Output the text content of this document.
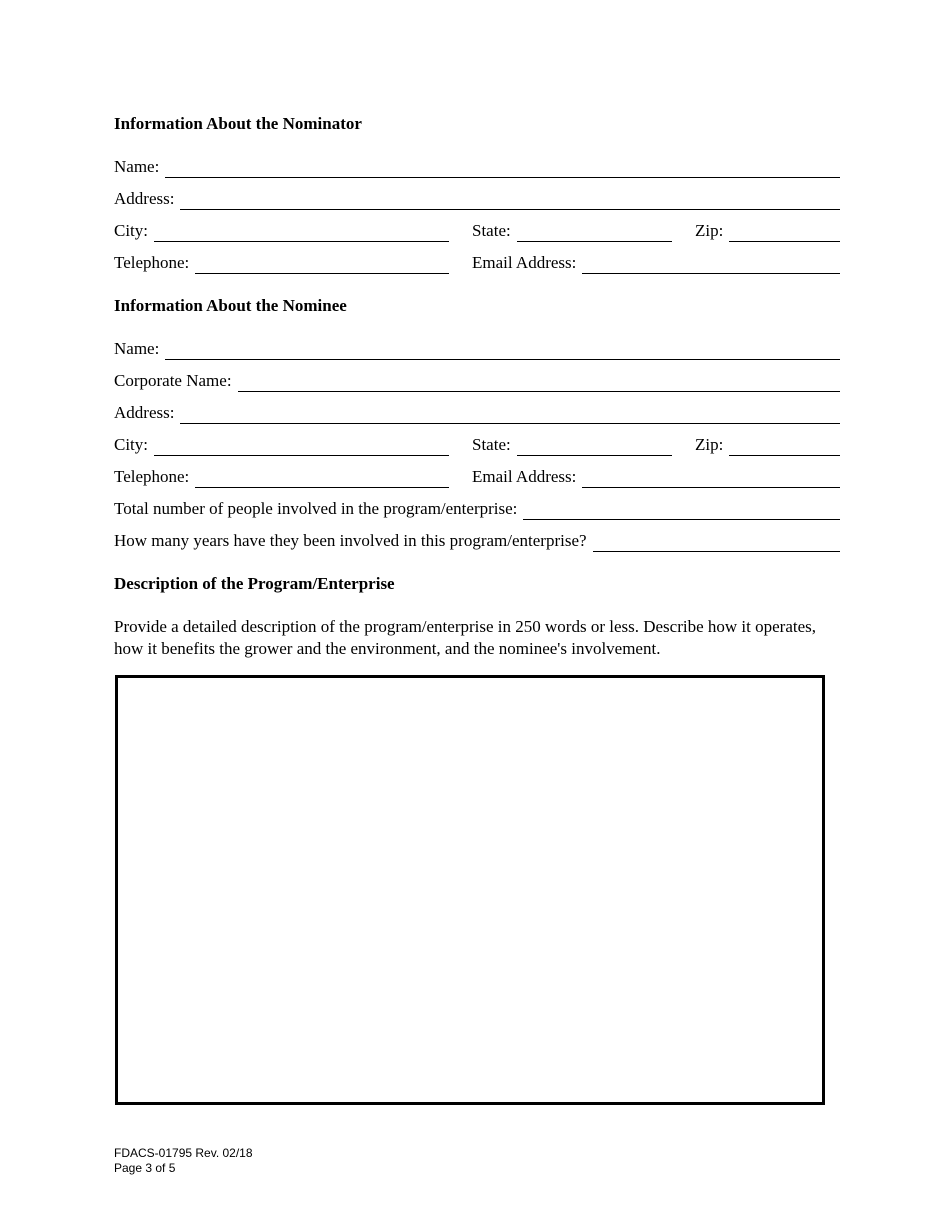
Information About the Nominator
Name:
Address:
City:	State:	Zip:
Telephone:	Email Address:
Information About the Nominee
Name:
Corporate Name:
Address:
City:	State:	Zip:
Telephone:	Email Address:
Total number of people involved in the program/enterprise:
How many years have they been involved in this program/enterprise?
Description of the Program/Enterprise

Provide a detailed description of the program/enterprise in 250 words or less. Describe how it operates, how it benefits the grower and the environment, and the nominee's involvement.

FDACS-01795 Rev. 02/18
Page 3 of 5
